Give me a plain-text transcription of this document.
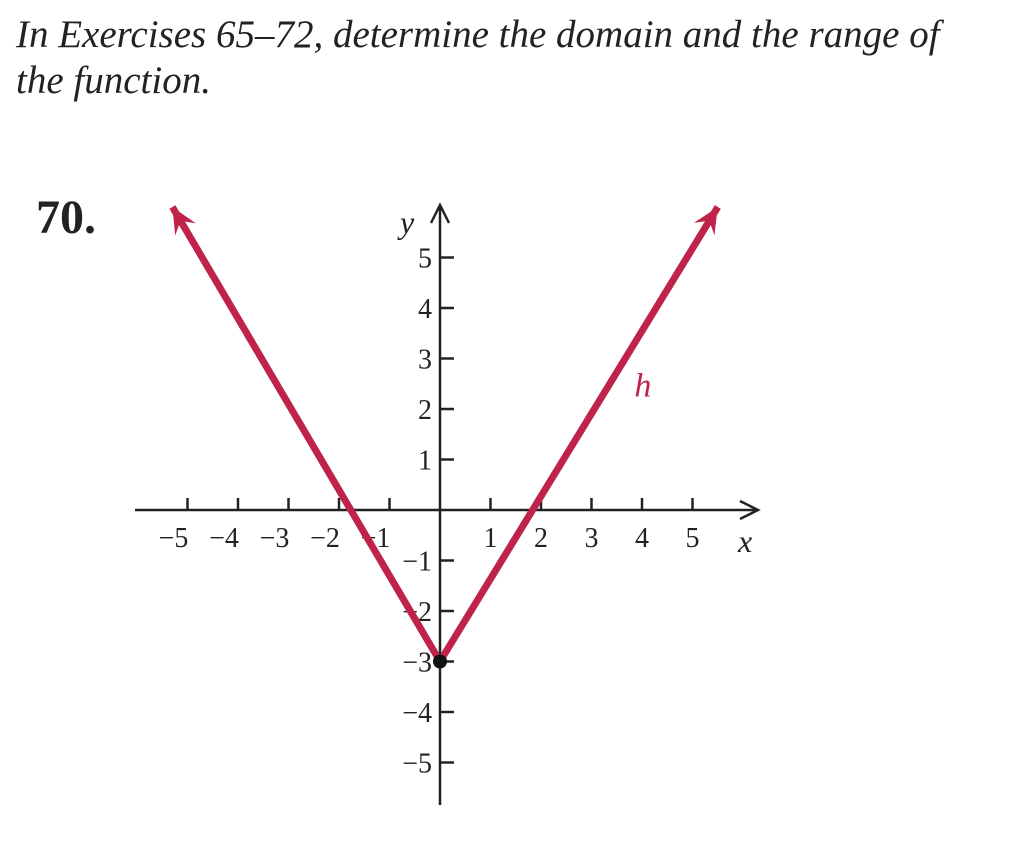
In Exercises 65–72, determine the domain and the range of
the function.

70.
x
y
−5 −4 −3 −2 −1	1 2 3 4 5
−5
−4
−3
−2
−1
1
2
3
4
5
h
